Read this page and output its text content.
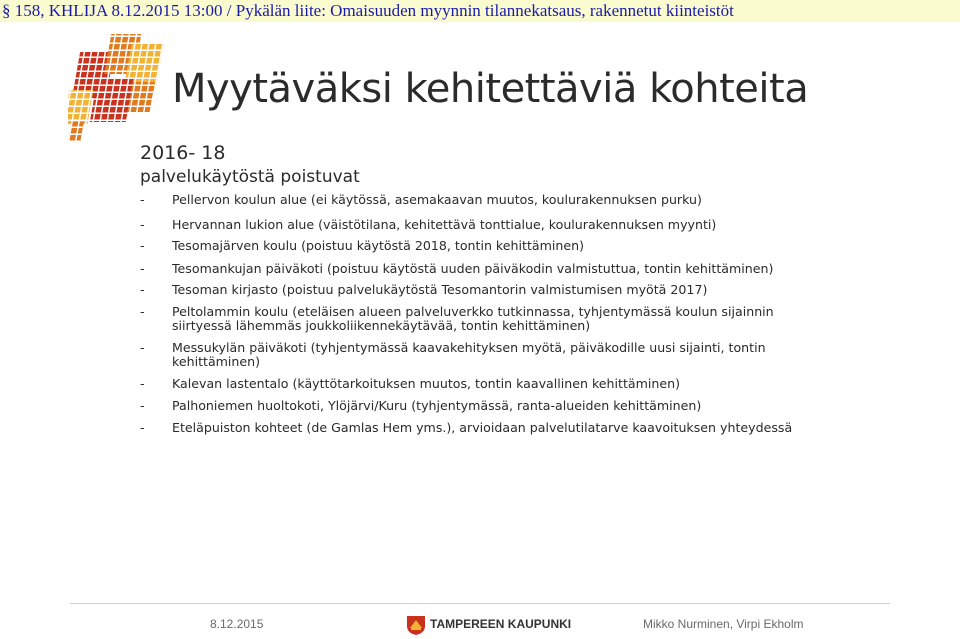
§ 158, KHLIJA 8.12.2015 13:00 / Pykälän liite: Omaisuuden myynnin tilannekatsaus, rakennetut kiinteistöt
Myytäväksi kehitettäviä kohteita
2016- 18
palvelukäytöstä poistuvat
-	Pellervon koulun alue (ei käytössä, asemakaavan muutos, koulurakennuksen purku)
-	Hervannan lukion alue (väistötilana, kehitettävä tonttialue, koulurakennuksen myynti)
-	Tesomajärven koulu (poistuu käytöstä 2018, tontin kehittäminen)
-	Tesomankujan päiväkoti (poistuu käytöstä uuden päiväkodin valmistuttua, tontin kehittäminen)
-	Tesoman kirjasto (poistuu palvelukäytöstä Tesomantorin valmistumisen myötä 2017)
-	Peltolammin koulu (eteläisen alueen palveluverkko tutkinnassa, tyhjentymässä koulun sijainnin siirtyessä lähemmäs joukkoliikennekäytävää, tontin kehittäminen)
-	Messukylän päiväkoti (tyhjentymässä kaavakehityksen myötä, päiväkodille uusi sijainti, tontin kehittäminen)
-	Kalevan lastentalo (käyttötarkoituksen muutos, tontin kaavallinen kehittäminen)
-	Palhoniemen huoltokoti, Ylöjärvi/Kuru (tyhjentymässä, ranta-alueiden kehittäminen)
-	Eteläpuiston kohteet (de Gamlas Hem yms.), arvioidaan palvelutilatarve kaavoituksen yhteydessä
8.12.2015	TAMPEREEN KAUPUNKI	Mikko Nurminen, Virpi Ekholm
